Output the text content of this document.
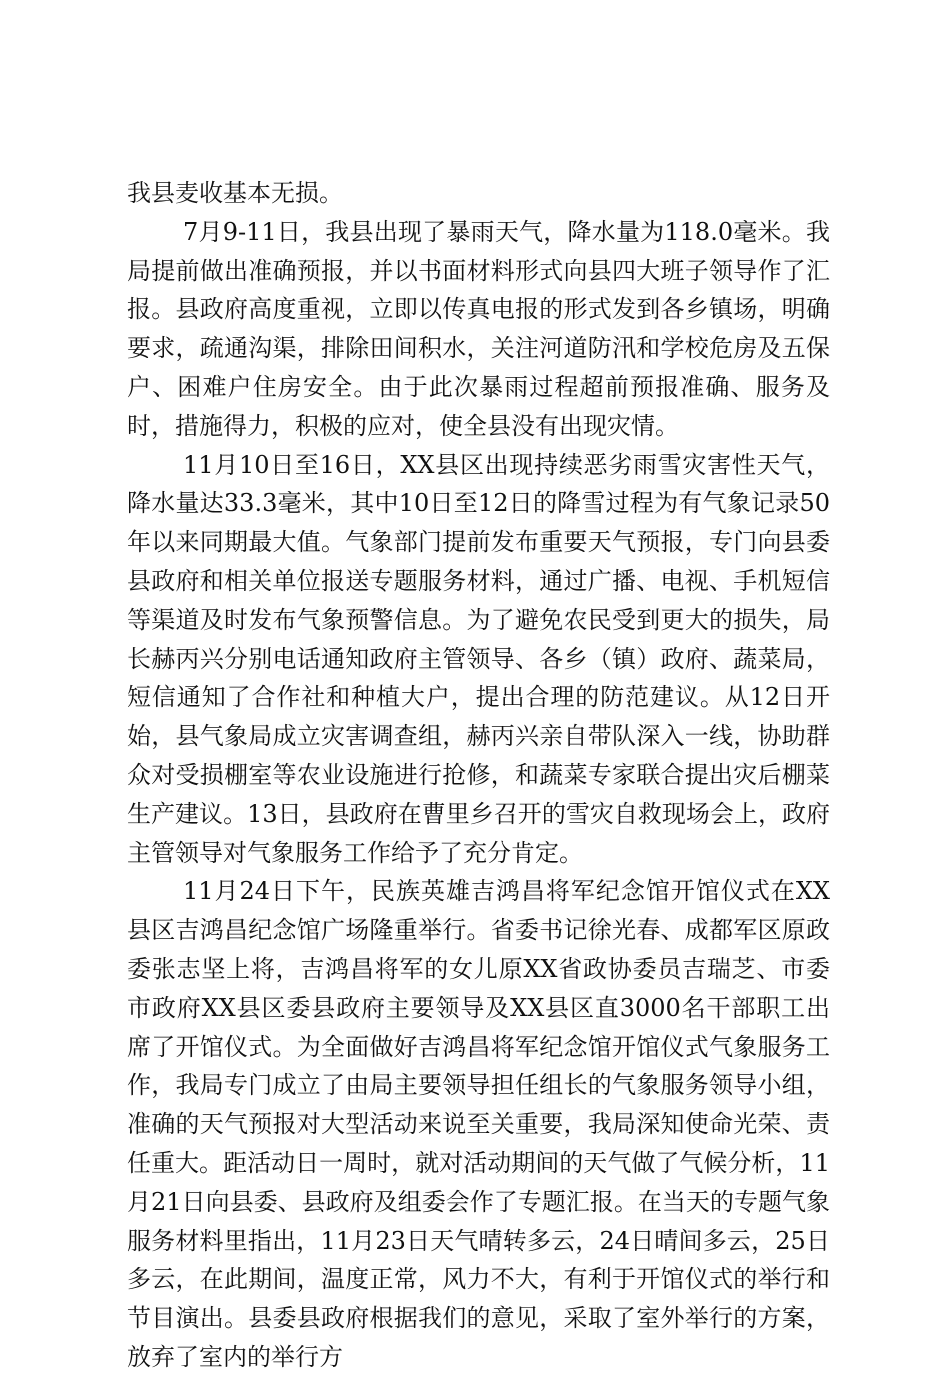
我县麦收基本无损。

7月9-11日，我县出现了暴雨天气，降水量为118.0毫米。我局提前做出准确预报，并以书面材料形式向县四大班子领导作了汇报。县政府高度重视，立即以传真电报的形式发到各乡镇场，明确要求，疏通沟渠，排除田间积水，关注河道防汛和学校危房及五保户、困难户住房安全。由于此次暴雨过程超前预报准确、服务及时，措施得力，积极的应对，使全县没有出现灾情。

11月10日至16日，XX县区出现持续恶劣雨雪灾害性天气，降水量达33.3毫米，其中10日至12日的降雪过程为有气象记录50年以来同期最大值。气象部门提前发布重要天气预报，专门向县委县政府和相关单位报送专题服务材料，通过广播、电视、手机短信等渠道及时发布气象预警信息。为了避免农民受到更大的损失，局长赫丙兴分别电话通知政府主管领导、各乡（镇）政府、蔬菜局，短信通知了合作社和种植大户，提出合理的防范建议。从12日开始，县气象局成立灾害调查组，赫丙兴亲自带队深入一线，协助群众对受损棚室等农业设施进行抢修，和蔬菜专家联合提出灾后棚菜生产建议。13日，县政府在曹里乡召开的雪灾自救现场会上，政府主管领导对气象服务工作给予了充分肯定。

11月24日下午，民族英雄吉鸿昌将军纪念馆开馆仪式在XX县区吉鸿昌纪念馆广场隆重举行。省委书记徐光春、成都军区原政委张志坚上将，吉鸿昌将军的女儿原XX省政协委员吉瑞芝、市委市政府XX县区委县政府主要领导及XX县区直3000名干部职工出席了开馆仪式。为全面做好吉鸿昌将军纪念馆开馆仪式气象服务工作，我局专门成立了由局主要领导担任组长的气象服务领导小组，准确的天气预报对大型活动来说至关重要，我局深知使命光荣、责任重大。距活动日一周时，就对活动期间的天气做了气候分析，11月21日向县委、县政府及组委会作了专题汇报。在当天的专题气象服务材料里指出，11月23日天气晴转多云，24日晴间多云，25日多云，在此期间，温度正常，风力不大，有利于开馆仪式的举行和节目演出。县委县政府根据我们的意见，采取了室外举行的方案，放弃了室内的举行方
